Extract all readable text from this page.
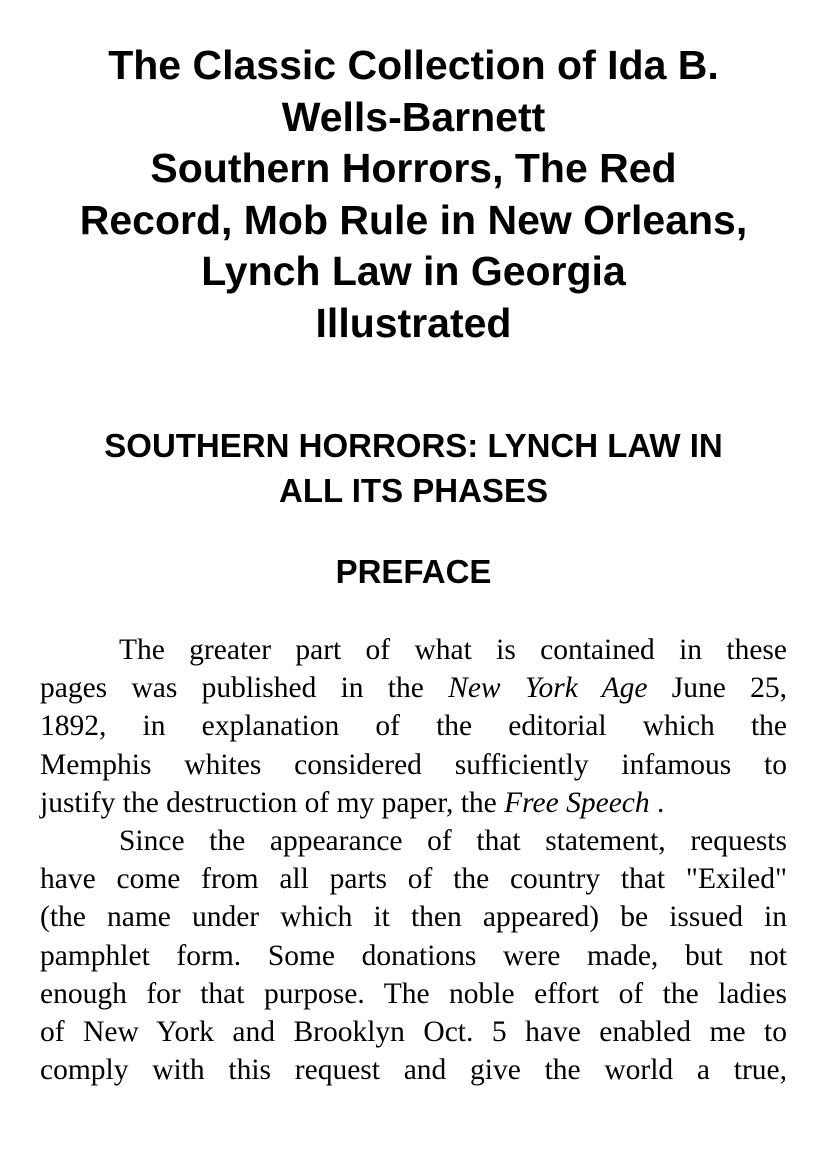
The Classic Collection of Ida B.
Wells-Barnett
Southern Horrors, The Red
Record, Mob Rule in New Orleans,
Lynch Law in Georgia
Illustrated
SOUTHERN HORRORS: LYNCH LAW IN
ALL ITS PHASES
PREFACE
The greater part of what is contained in these
pages was published in the New York Age June 25,
1892, in explanation of the editorial which the
Memphis whites considered sufficiently infamous to
justify the destruction of my paper, the Free Speech .
Since the appearance of that statement, requests
have come from all parts of the country that "Exiled"
(the name under which it then appeared) be issued in
pamphlet form. Some donations were made, but not
enough for that purpose. The noble effort of the ladies
of New York and Brooklyn Oct. 5 have enabled me to
comply with this request and give the world a true,
